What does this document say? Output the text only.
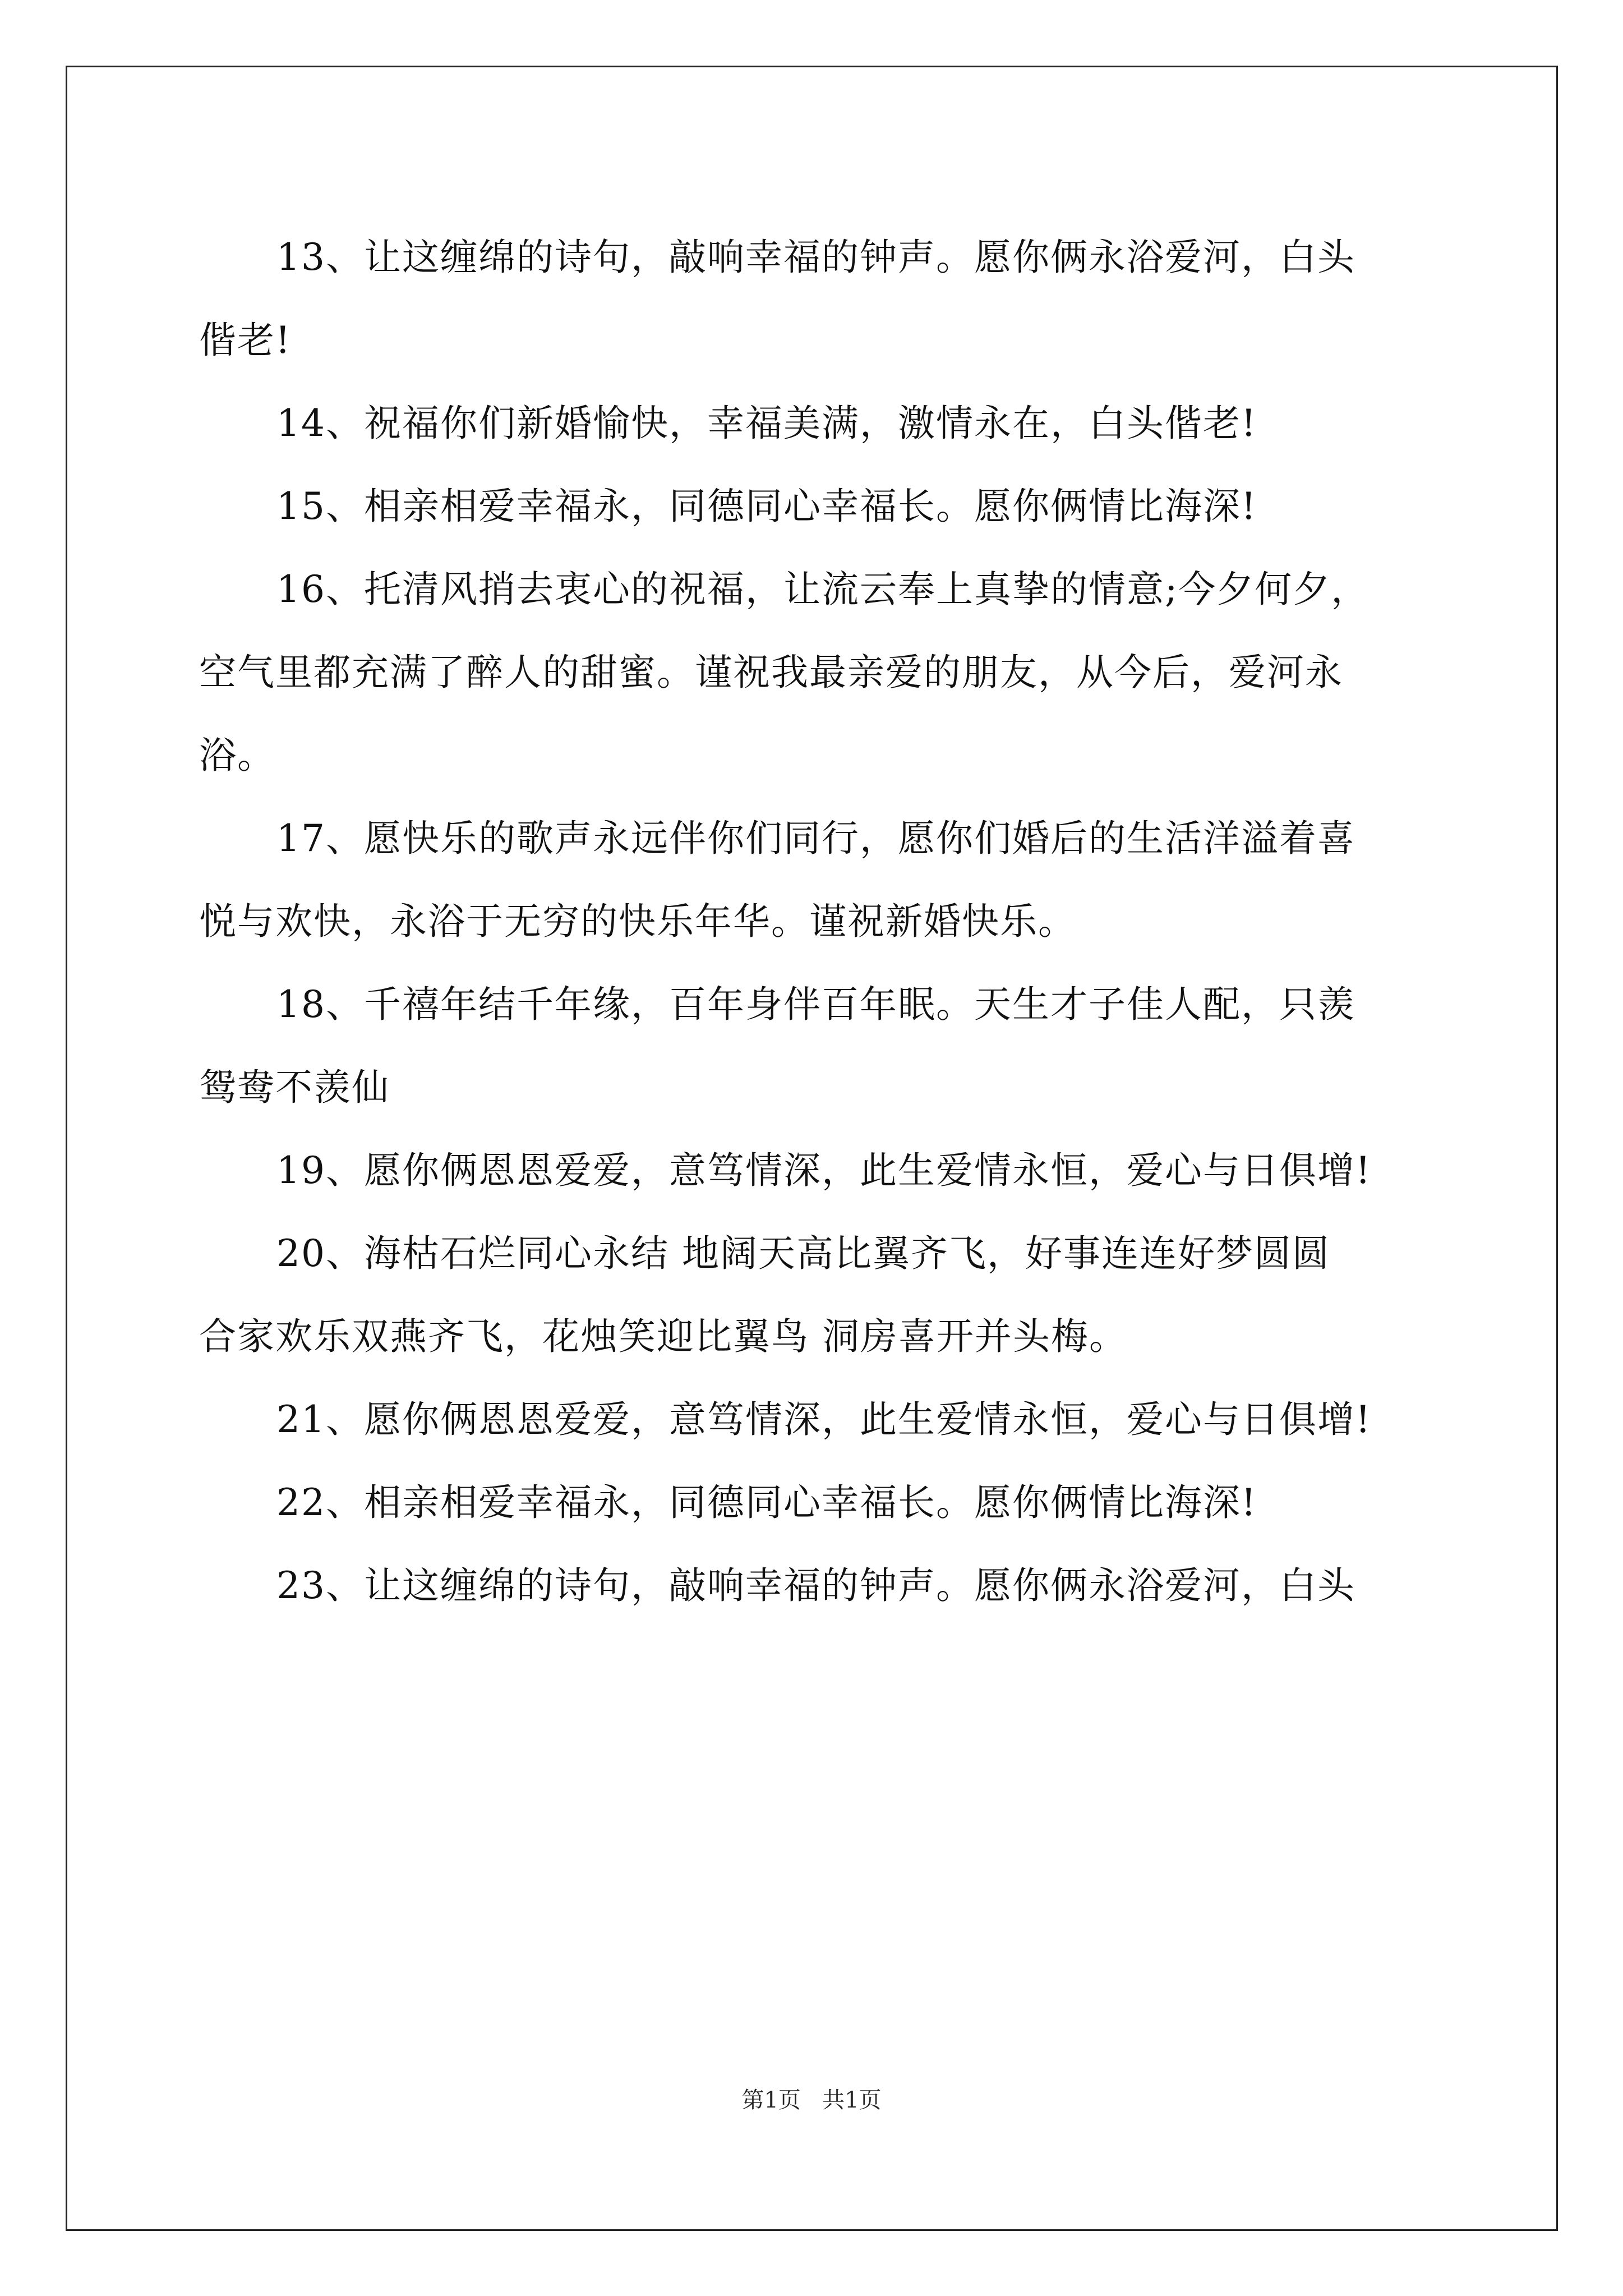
13、让这缠绵的诗句，敲响幸福的钟声。愿你俩永浴爱河，白头
偕老!
14、祝福你们新婚愉快，幸福美满，激情永在，白头偕老!
15、相亲相爱幸福永，同德同心幸福长。愿你俩情比海深!
16、托清风捎去衷心的祝福，让流云奉上真挚的情意;今夕何夕，
空气里都充满了醉人的甜蜜。谨祝我最亲爱的朋友，从今后，爱河永
浴。
17、愿快乐的歌声永远伴你们同行，愿你们婚后的生活洋溢着喜
悦与欢快，永浴于无穷的快乐年华。谨祝新婚快乐。
18、千禧年结千年缘，百年身伴百年眠。天生才子佳人配，只羡
鸳鸯不羡仙
19、愿你俩恩恩爱爱，意笃情深，此生爱情永恒，爱心与日俱增!
20、海枯石烂同心永结 地阔天高比翼齐飞，好事连连好梦圆圆
合家欢乐双燕齐飞，花烛笑迎比翼鸟 洞房喜开并头梅。
21、愿你俩恩恩爱爱，意笃情深，此生爱情永恒，爱心与日俱增!
22、相亲相爱幸福永，同德同心幸福长。愿你俩情比海深!
23、让这缠绵的诗句，敲响幸福的钟声。愿你俩永浴爱河，白头
第1页 共1页
